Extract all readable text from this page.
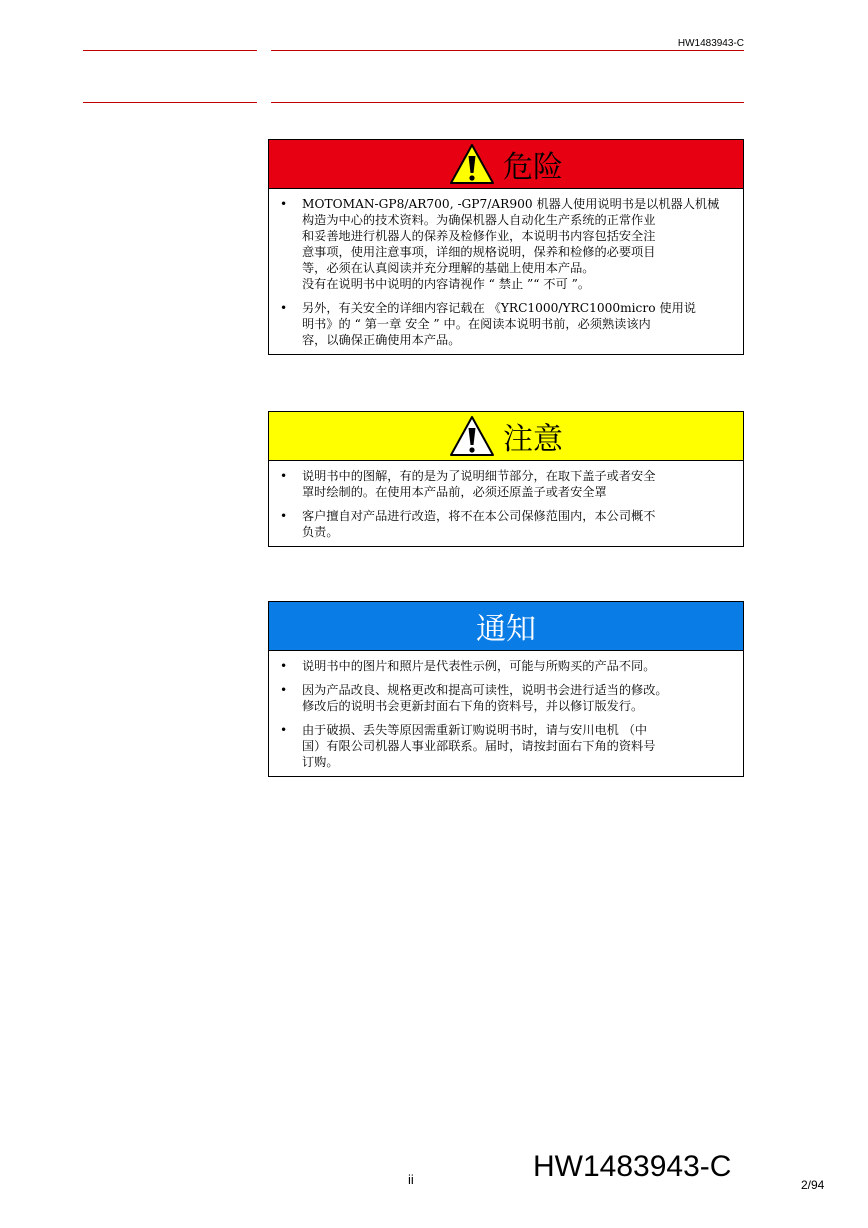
HW1483943-C
危险
•	MOTOMAN-GP8/AR700, -GP7/AR900 机器人使用说明书是以机器人机械

构造为中心的技术资料。为确保机器人自动化生产系统的正常作业

和妥善地进行机器人的保养及检修作业，本说明书内容包括安全注

意事项，使用注意事项，详细的规格说明，保养和检修的必要项目

等，必须在认真阅读并充分理解的基础上使用本产品。

没有在说明书中说明的内容请视作 “ 禁止 ”“ 不可 ”。

•	另外，有关安全的详细内容记载在 《YRC1000/YRC1000micro 使用说

明书》的 “ 第一章 安全 ” 中。在阅读本说明书前，必须熟读该内

容，以确保正确使用本产品。

注意
•	说明书中的图解，有的是为了说明细节部分，在取下盖子或者安全

罩时绘制的。在使用本产品前，必须还原盖子或者安全罩

•	客户擅自对产品进行改造，将不在本公司保修范围内，本公司概不

负责。

通知
•	说明书中的图片和照片是代表性示例，可能与所购买的产品不同。

•	因为产品改良、规格更改和提高可读性，说明书会进行适当的修改。

修改后的说明书会更新封面右下角的资料号，并以修订版发行。

•	由于破损、丢失等原因需重新订购说明书时，请与安川电机 （中

国）有限公司机器人事业部联系。届时，请按封面右下角的资料号

订购。

ii	HW1483943-C
2/94
